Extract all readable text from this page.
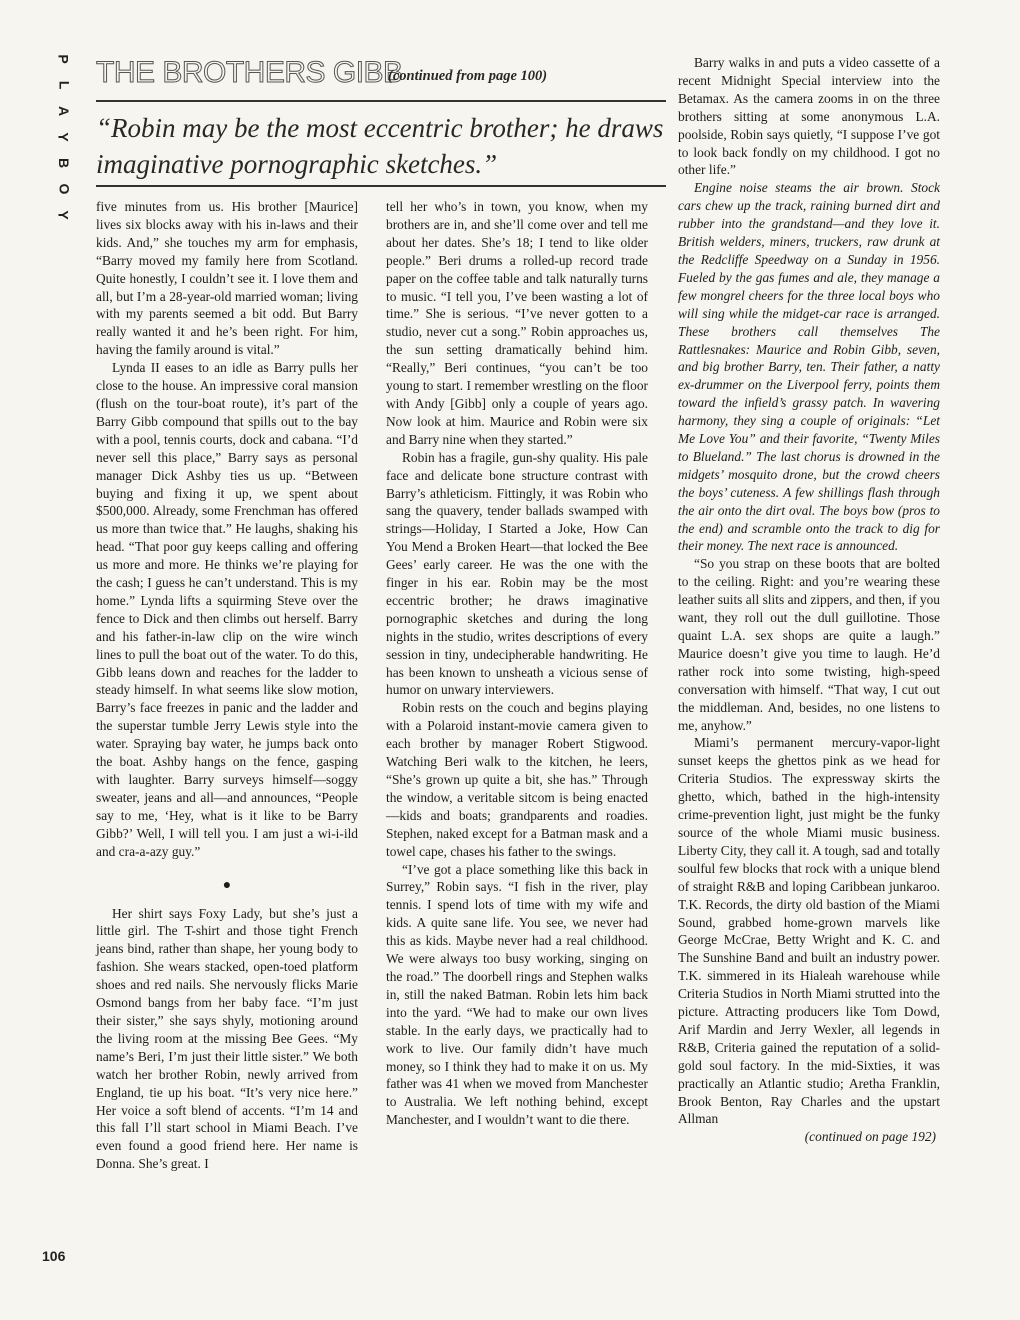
P
L
A
Y
B
O
Y
THE BROTHERS GIBB
(continued from page 100)
“Robin may be the most eccentric brother; he draws imaginative pornographic sketches.”

five minutes from us. His brother [Maurice] lives six blocks away with his in-laws and their kids. And,” she touches my arm for emphasis, “Barry moved my family here from Scotland. Quite honestly, I couldn’t see it. I love them and all, but I’m a 28-year-old married woman; living with my parents seemed a bit odd. But Barry really wanted it and he’s been right. For him, having the family around is vital.”

Lynda II eases to an idle as Barry pulls her close to the house. An impressive coral mansion (flush on the tour-boat route), it’s part of the Barry Gibb compound that spills out to the bay with a pool, tennis courts, dock and cabana. “I’d never sell this place,” Barry says as personal manager Dick Ashby ties us up. “Between buying and fixing it up, we spent about $500,000. Already, some Frenchman has offered us more than twice that.” He laughs, shaking his head. “That poor guy keeps calling and offering us more and more. He thinks we’re playing for the cash; I guess he can’t understand. This is my home.” Lynda lifts a squirming Steve over the fence to Dick and then climbs out herself. Barry and his father-in-law clip on the wire winch lines to pull the boat out of the water. To do this, Gibb leans down and reaches for the ladder to steady himself. In what seems like slow motion, Barry’s face freezes in panic and the ladder and the superstar tumble Jerry Lewis style into the water. Spraying bay water, he jumps back onto the boat. Ashby hangs on the fence, gasping with laughter. Barry surveys himself—soggy sweater, jeans and all—and announces, “People say to me, ‘Hey, what is it like to be Barry Gibb?’ Well, I will tell you. I am just a wi-i-ild and cra-a-azy guy.”

●

Her shirt says Foxy Lady, but she’s just a little girl. The T-shirt and those tight French jeans bind, rather than shape, her young body to fashion. She wears stacked, open-toed platform shoes and red nails. She nervously flicks Marie Osmond bangs from her baby face. “I’m just their sister,” she says shyly, motioning around the living room at the missing Bee Gees. “My name’s Beri, I’m just their little sister.” We both watch her brother Robin, newly arrived from England, tie up his boat. “It’s very nice here.” Her voice a soft blend of accents. “I’m 14 and this fall I’ll start school in Miami Beach. I’ve even found a good friend here. Her name is Donna. She’s great. I

tell her who’s in town, you know, when my brothers are in, and she’ll come over and tell me about her dates. She’s 18; I tend to like older people.” Beri drums a rolled-up record trade paper on the coffee table and talk naturally turns to music. “I tell you, I’ve been wasting a lot of time.” She is serious. “I’ve never gotten to a studio, never cut a song.” Robin approaches us, the sun setting dramatically behind him. “Really,” Beri continues, “you can’t be too young to start. I remember wrestling on the floor with Andy [Gibb] only a couple of years ago. Now look at him. Maurice and Robin were six and Barry nine when they started.”

Robin has a fragile, gun-shy quality. His pale face and delicate bone structure contrast with Barry’s athleticism. Fittingly, it was Robin who sang the quavery, tender ballads swamped with strings—Holiday, I Started a Joke, How Can You Mend a Broken Heart—that locked the Bee Gees’ early career. He was the one with the finger in his ear. Robin may be the most eccentric brother; he draws imaginative pornographic sketches and during the long nights in the studio, writes descriptions of every session in tiny, undecipherable handwriting. He has been known to unsheath a vicious sense of humor on unwary interviewers.

Robin rests on the couch and begins playing with a Polaroid instant-movie camera given to each brother by manager Robert Stigwood. Watching Beri walk to the kitchen, he leers, “She’s grown up quite a bit, she has.” Through the window, a veritable sitcom is being enacted—kids and boats; grandparents and roadies. Stephen, naked except for a Batman mask and a towel cape, chases his father to the swings.

“I’ve got a place something like this back in Surrey,” Robin says. “I fish in the river, play tennis. I spend lots of time with my wife and kids. A quite sane life. You see, we never had this as kids. Maybe never had a real childhood. We were always too busy working, singing on the road.” The doorbell rings and Stephen walks in, still the naked Batman. Robin lets him back into the yard. “We had to make our own lives stable. In the early days, we practically had to work to live. Our family didn’t have much money, so I think they had to make it on us. My father was 41 when we moved from Manchester to Australia. We left nothing behind, except Manchester, and I wouldn’t want to die there.

Barry walks in and puts a video cassette of a recent Midnight Special interview into the Betamax. As the camera zooms in on the three brothers sitting at some anonymous L.A. poolside, Robin says quietly, “I suppose I’ve got to look back fondly on my childhood. I got no other life.”

Engine noise steams the air brown. Stock cars chew up the track, raining burned dirt and rubber into the grandstand—and they love it. British welders, miners, truckers, raw drunk at the Redcliffe Speedway on a Sunday in 1956. Fueled by the gas fumes and ale, they manage a few mongrel cheers for the three local boys who will sing while the midget-car race is arranged. These brothers call themselves The Rattlesnakes: Maurice and Robin Gibb, seven, and big brother Barry, ten. Their father, a natty ex-drummer on the Liverpool ferry, points them toward the infield’s grassy patch. In wavering harmony, they sing a couple of originals: “Let Me Love You” and their favorite, “Twenty Miles to Blueland.” The last chorus is drowned in the midgets’ mosquito drone, but the crowd cheers the boys’ cuteness. A few shillings flash through the air onto the dirt oval. The boys bow (pros to the end) and scramble onto the track to dig for their money. The next race is announced.

“So you strap on these boots that are bolted to the ceiling. Right: and you’re wearing these leather suits all slits and zippers, and then, if you want, they roll out the dull guillotine. Those quaint L.A. sex shops are quite a laugh.” Maurice doesn’t give you time to laugh. He’d rather rock into some twisting, high-speed conversation with himself. “That way, I cut out the middleman. And, besides, no one listens to me, anyhow.”

Miami’s permanent mercury-vapor-light sunset keeps the ghettos pink as we head for Criteria Studios. The expressway skirts the ghetto, which, bathed in the high-intensity crime-prevention light, just might be the funky source of the whole Miami music business. Liberty City, they call it. A tough, sad and totally soulful few blocks that rock with a unique blend of straight R&B and loping Caribbean junkaroo. T.K. Records, the dirty old bastion of the Miami Sound, grabbed home-grown marvels like George McCrae, Betty Wright and K. C. and The Sunshine Band and built an industry power. T.K. simmered in its Hialeah warehouse while Criteria Studios in North Miami strutted into the picture. Attracting producers like Tom Dowd, Arif Mardin and Jerry Wexler, all legends in R&B, Criteria gained the reputation of a solid-gold soul factory. In the mid-Sixties, it was practically an Atlantic studio; Aretha Franklin, Brook Benton, Ray Charles and the upstart Allman

(continued on page 192)
106
